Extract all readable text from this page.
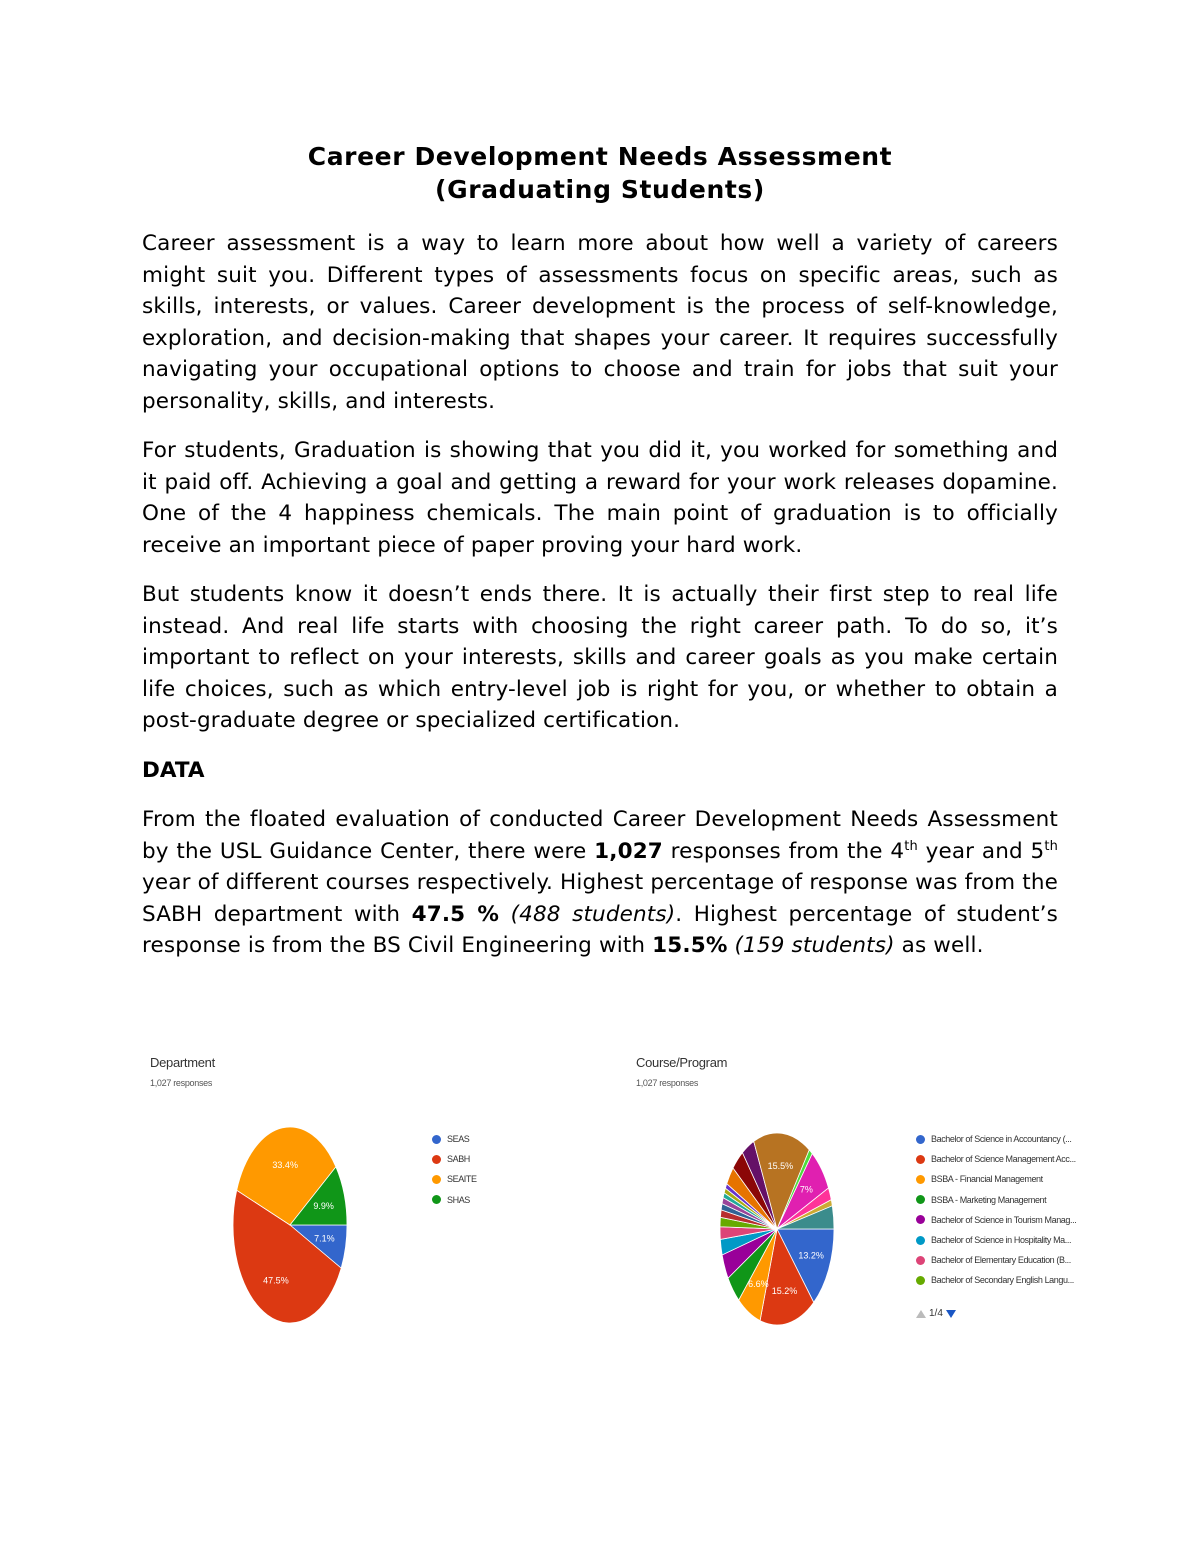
Career Development Needs Assessment
(Graduating Students)

Career assessment is a way to learn more about how well a variety of careers might suit you. Different types of assessments focus on specific areas, such as skills, interests, or values. Career development is the process of self-knowledge, exploration, and decision-making that shapes your career. It requires successfully navigating your occupational options to choose and train for jobs that suit your personality, skills, and interests.

For students, Graduation is showing that you did it, you worked for something and it paid off. Achieving a goal and getting a reward for your work releases dopamine. One of the 4 happiness chemicals. The main point of graduation is to officially receive an important piece of paper proving your hard work.

But students know it doesn’t ends there. It is actually their first step to real life instead. And real life starts with choosing the right career path. To do so, it’s important to reflect on your interests, skills and career goals as you make certain life choices, such as which entry-level job is right for you, or whether to obtain a post-graduate degree or specialized certification.

DATA

From the floated evaluation of conducted Career Development Needs Assessment by the USL Guidance Center, there were 1,027 responses from the 4th year and 5th year of different courses respectively. Highest percentage of response was from the SABH department with 47.5 % (488 students). Highest percentage of student’s response is from the BS Civil Engineering with 15.5% (159 students) as well.

Department
1,027 responses
7.1%
47.5%
33.4%
9.9%
SEAS
SABH
SEAITE
SHAS
Course/Program
1,027 responses
13.2%
15.2%
6.6%
15.5%
7%
Bachelor of Science in Accountancy (...
Bachelor of Science Management Acc...
BSBA - Financial Management
BSBA - Marketing Management
Bachelor of Science in Tourism Manag...
Bachelor of Science in Hospitality Ma...
Bachelor of Elementary Education (B...
Bachelor of Secondary English Langu...
1/4
